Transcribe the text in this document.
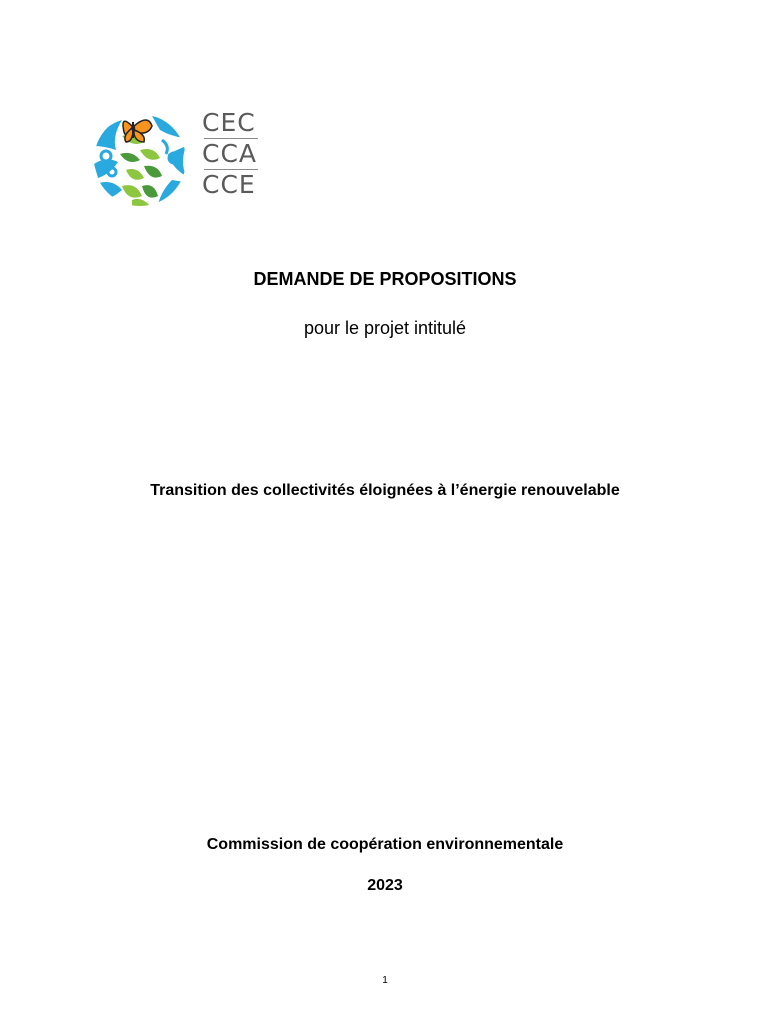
CEC
CCA
CCE

DEMANDE DE PROPOSITIONS

pour le projet intitulé

Transition des collectivités éloignées à l’énergie renouvelable

Commission de coopération environnementale

2023

1
